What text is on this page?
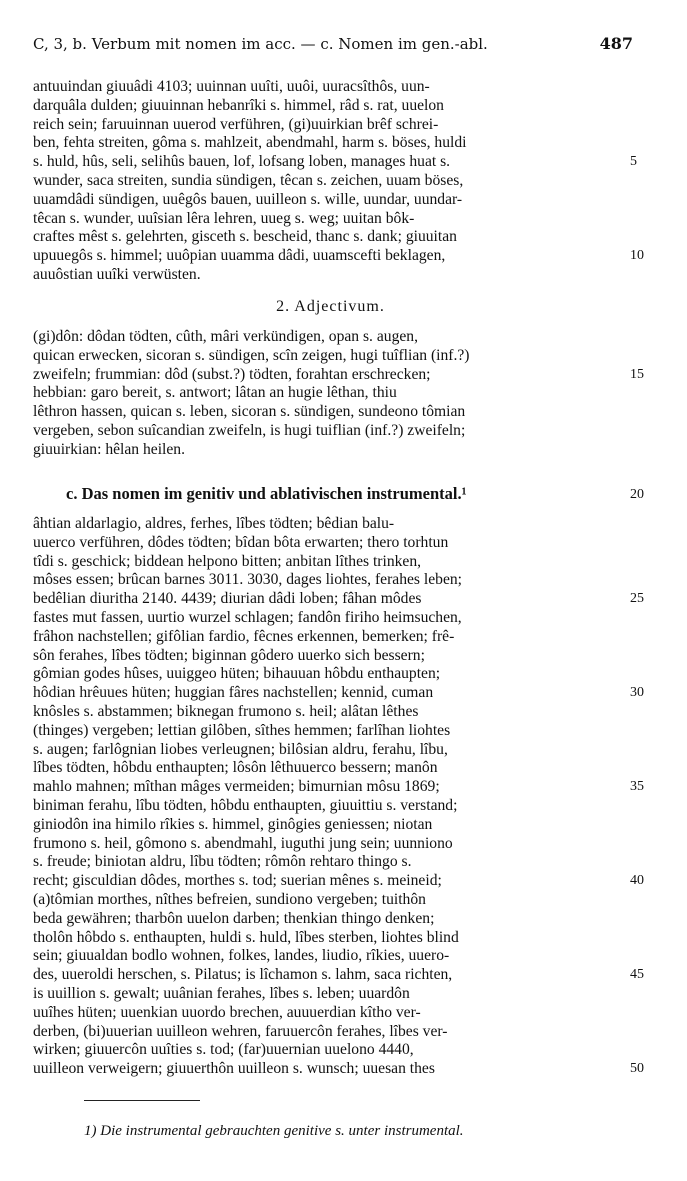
C, 3, b. Verbum mit nomen im acc. — c. Nomen im gen.-abl.	487
antuuindan giuuâdi 4103; uuinnan uuîti, uuôi, uuracsîthôs, uun-
darquâla dulden; giuuinnan hebanrîki s. himmel, râd s. rat, uuelon
reich sein; faruuinnan uuerod verführen, (gi)uuirkian brêf schrei-
ben, fehta streiten, gôma s. mahlzeit, abendmahl, harm s. böses, huldi
s. huld, hûs, seli, selihûs bauen, lof, lofsang loben, manages huat s.
wunder, saca streiten, sundia sündigen, têcan s. zeichen, uuam böses,
uuamdâdi sündigen, uuêgôs bauen, uuilleon s. wille, uundar, uundar-
têcan s. wunder, uuîsian lêra lehren, uueg s. weg; uuitan bôk-
craftes mêst s. gelehrten, gisceth s. bescheid, thanc s. dank; giuuitan
upuuegôs s. himmel; uuôpian uuamma dâdi, uuamscefti beklagen,
auuôstian uuîki verwüsten.
2. Adjectivum.
(gi)dôn: dôdan tödten, cûth, mâri verkündigen, opan s. augen,
quican erwecken, sicoran s. sündigen, scîn zeigen, hugi tuîflian (inf.?)
zweifeln; frummian: dôd (subst.?) tödten, forahtan erschrecken;
hebbian: garo bereit, s. antwort; lâtan an hugie lêthan, thiu
lêthron hassen, quican s. leben, sicoran s. sündigen, sundeono tômian
vergeben, sebon suîcandian zweifeln, is hugi tuiflian (inf.?) zweifeln;
giuuirkian: hêlan heilen.
c. Das nomen im genitiv und ablativischen instrumental.¹
âhtian aldarlagio, aldres, ferhes, lîbes tödten; bêdian balu-
uuerco verführen, dôdes tödten; bîdan bôta erwarten; thero torhtun
tîdi s. geschick; biddean helpono bitten; anbitan lîthes trinken,
môses essen; brûcan barnes 3011. 3030, dages liohtes, ferahes leben;
bedêlian diuritha 2140. 4439; diurian dâdi loben; fâhan môdes
fastes mut fassen, uurtio wurzel schlagen; fandôn firiho heimsuchen,
frâhon nachstellen; gifôlian fardio, fêcnes erkennen, bemerken; frê-
sôn ferahes, lîbes tödten; biginnan gôdero uuerko sich bessern;
gômian godes hûses, uuiggeo hüten; bihauuan hôbdu enthaupten;
hôdian hrêuues hüten; huggian fâres nachstellen; kennid, cuman
knôsles s. abstammen; biknegan frumono s. heil; alâtan lêthes
(thinges) vergeben; lettian gilôben, sîthes hemmen; farlîhan liohtes
s. augen; farlôgnian liobes verleugnen; bilôsian aldru, ferahu, lîbu,
lîbes tödten, hôbdu enthaupten; lôsôn lêthuuerco bessern; manôn
mahlo mahnen; mîthan mâges vermeiden; bimurnian môsu 1869;
biniman ferahu, lîbu tödten, hôbdu enthaupten, giuuittiu s. verstand;
giniodôn ina himilo rîkies s. himmel, ginôgies geniessen; niotan
frumono s. heil, gômono s. abendmahl, iuguthi jung sein; uunniono
s. freude; biniotan aldru, lîbu tödten; rômôn rehtaro thingo s.
recht; gisculdian dôdes, morthes s. tod; suerian mênes s. meineid;
(a)tômian morthes, nîthes befreien, sundiono vergeben; tuithôn
beda gewähren; tharbôn uuelon darben; thenkian thingo denken;
tholôn hôbdo s. enthaupten, huldi s. huld, lîbes sterben, liohtes blind
sein; giuualdan bodlo wohnen, folkes, landes, liudio, rîkies, uuero-
des, uueroldi herschen, s. Pilatus; is lîchamon s. lahm, saca richten,
is uuillion s. gewalt; uuânian ferahes, lîbes s. leben; uuardôn
uuîhes hüten; uuenkian uuordo brechen, auuuerdian kîtho ver-
derben, (bi)uuerian uuilleon wehren, faruuercôn ferahes, lîbes ver-
wirken; giuuercôn uuîties s. tod; (far)uuernian uuelono 4440,
uuilleon verweigern; giuuerthôn uuilleon s. wunsch; uuesan thes
5
10
15
20
25
30
35
40
45
50
1) Die instrumental gebrauchten genitive s. unter instrumental.
